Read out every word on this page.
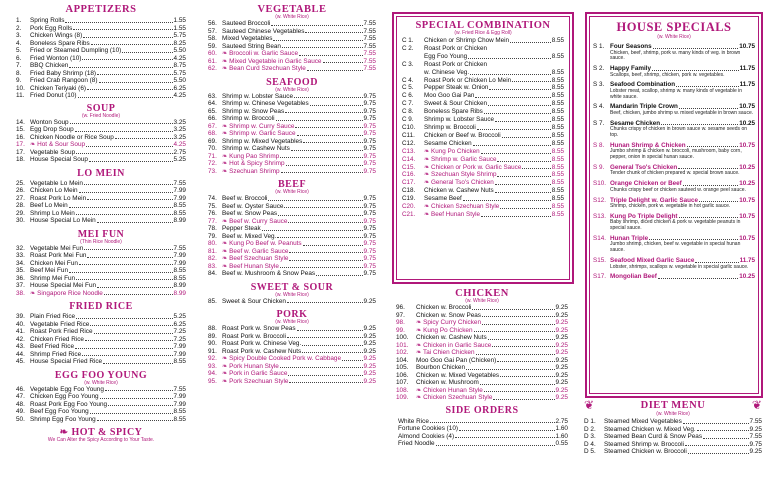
APPETIZERS
1.	Spring Rolls	1.55
2.	Pork Egg Rolls	1.55
3.	Chicken Wings (8)	5.75
4.	Boneless Spare Ribs	8.25
5.	Fried or Steamed Dumpling (10)	5.50
6.	Fried Wonton (10)	4.25
7.	BBQ Chicken	8.75
8.	Fried Baby Shrimp (18)	5.75
9.	Fried Crab Rangoon (8)	5.50
10. Chicken Teriyaki (6)	6.25
11. Fried Donut (10)	4.25
SOUP
(w. Fried Noodle)
14. Wonton Soup	3.25
15. Egg Drop Soup	3.25
16. Chicken Noodle or Rice Soup	3.25
17. ❧ Hot & Sour Soup	4.25
17. Vegetable Soup	2.75
18. House Special Soup	5.25
LO MEIN
25. Vegetable Lo Mein	7.55
26. Chicken Lo Mein	7.99
27. Roast Pork Lo Mein	7.99
28. Beef Lo Mein	8.55
29. Shrimp Lo Mein	8.55
30. House Special Lo Mein	8.99
MEI FUN
(Thin Rice Noodle)
32. Vegetable Mei Fun	7.55
33. Roast Pork Mei Fun	7.99
34. Chicken Mei Fun	7.99
35. Beef Mei Fun	8.55
36. Shrimp Mei Fun	8.55
37. House Special Mei Fun	8.99
38. ❧ Singapore Rice Noodle	8.99
FRIED RICE
39. Plain Fried Rice	5.25
40. Vegetable Fried Rice	6.25
41. Roast Pork Fried Rice	7.25
42. Chicken Fried Rice	7.25
43. Beef Fried Rice	7.99
44. Shrimp Fried Rice	7.99
45. House Special Fried Rice	8.55
EGG FOO YOUNG
(w. White Rice)
46. Vegetable Egg Foo Young	7.55
47. Chicken Egg Foo Young	7.99
48. Roast Pork Egg Foo Young	7.99
49. Beef Egg Foo Young	8.55
50. Shrimp Egg Foo Young	8.55
❧ HOT & SPICY
We Can Alter the Spicy According to Your Taste.
VEGETABLE
(w. White Rice)
56. Sauteed Broccoli	7.55
57. Sauteed Chinese Vegetables	7.55
58. Mixed Vegetables	7.55
59. Sauteed String Bean	7.55
60. ❧ Broccoli w. Garlic Sauce	7.55
61. ❧ Mixed Vegetable in Garlic Sauce	7.55
62. ❧ Bean Curd Szechuan Style	7.55
SEAFOOD
(w. White Rice)
63. Shrimp w. Lobster Sauce	9.75
64. Shrimp w. Chinese Vegetables	9.75
65. Shrimp w. Snow Peas	9.75
66. Shrimp w. Broccoli	9.75
67. ❧ Shrimp w. Curry Sauce	9.75
68. ❧ Shrimp w. Garlic Sauce	9.75
69. Shrimp w. Mixed Vegetables	9.75
70. Shrimp w. Cashew Nuts	9.75
71. ❧ Kung Pao Shrimp	9.75
72. ❧ Hot & Spicy Shrimp	9.75
73. ❧ Szechuan Shrimp	9.75
BEEF
(w. White Rice)
74. Beef w. Broccoli	9.75
75. Beef w. Oyster Sauce	9.75
76. Beef w. Snow Peas	9.75
77. ❧ Beef w. Curry Sauce	9.75
78. Pepper Steak	9.75
79. Beef w. Mixed Veg.	9.75
80. ❧ Kung Po Beef w. Peanuts	9.75
81. ❧ Beef w. Garlic Sauce	9.75
82. ❧ Beef Szechuan Style	9.75
83. ❧ Beef Hunan Style	9.75
84. Beef w. Mushroom & Snow Peas	9.75
SWEET & SOUR
(w. White Rice)
85. Sweet & Sour Chicken	9.25
PORK
(w. White Rice)
88. Roast Pork w. Snow Peas	9.25
89. Roast Pork w. Broccoli	9.25
90. Roast Pork w. Chinese Veg.	9.25
91. Roast Pork w. Cashew Nuts	9.25
92. ❧ Spicy Double Cooked Pork w. Cabbage	9.25
93. ❧ Pork Hunan Style	9.25
94. ❧ Pork in Garlic Sauce	9.25
95. ❧ Pork Szechuan Style	9.25
SPECIAL COMBINATION
(w. Fried Rice & Egg Roll)
C 1.	Chicken or Shrimp Chow Mein	8.55
C 2.	Roast Pork or Chicken
Egg Foo Young	8.55
C 3.	Roast Pork or Chicken
w. Chinese Veg.	8.55
C 4.	Roast Pork or Chicken Lo Mein	8.55
C 5.	Pepper Steak w. Onion	8.55
C 6.	Moo Goo Gai Pan	8.55
C 7.	Sweet & Sour Chicken	8.55
C 8.	Boneless Spare Ribs	8.55
C 9.	Shrimp w. Lobster Sauce	8.55
C10.	Shrimp w. Broccoli	8.55
C11.	Chicken or Beef w. Broccoli	8.55
C12.	Sesame Chicken	8.55
C13.	❧ Kung Po Chicken	8.55
C14.	❧ Shrimp w. Garlic Sauce	8.55
C15.	❧ Chicken or Pork w. Garlic Sauce	8.55
C16.	❧ Szechuan Style Shrimp	8.55
C17.	❧ General Tso's Chicken	8.55
C18.	Chicken w. Cashew Nuts	8.55
C19.	Sesame Beef	8.55
C20.	❧ Chicken Szechuan Style	8.55
C21.	❧ Beef Hunan Style	8.55
CHICKEN
(w. White Rice)
96.	Chicken w. Broccoli	9.25
97.	Chicken w. Snow Peas	9.25
98.	❧ Spicy Curry Chicken	9.25
99.	❧ Kung Po Chicken	9.25
100.	Chicken w. Cashew Nuts	9.25
101.	❧ Chicken in Garlic Sauce	9.25
102.	❧ Tai Chien Chicken	9.25
104.	Moo Goo Gai Pan (Chicken)	9.25
105.	Bourbon Chicken	9.25
106.	Chicken w. Mixed Vegetables	9.25
107.	Chicken w. Mushroom	9.25
108.	❧ Chicken Hunan Style	9.25
109.	❧ Chicken Szechuan Style	9.25
SIDE ORDERS
White Rice	2.75
Fortune Cookies (10)	1.60
Almond Cookies (4)	1.60
Fried Noodle	0.55
HOUSE SPECIALS
(w. White Rice)
S 1. Four Seasons	10.75
Chicken, beef, shrimp, pork w. many kinds of veg. in brown sauce.
S 2. Happy Family	11.75
Scallops, beef, shrimp, chicken, pork w. vegetables.
S 3. Seafood Combination	11.75
Lobster meat, scallop, shrimp w. many kinds of vegetable in white sauce.
S 4. Mandarin Triple Crown	10.75
Beef, chicken, jumbo shrimp w. mixed vegetable in brown sauce.
S 7. Sesame Chicken	10.25
Chunks crispy of chicken in brown sauce w. sesame seeds on top.
S 8. Hunan Shrimp & Chicken	10.75
Jumbo shrimp & chicken w. broccoli, mushroom, baby corn, pepper, onion in special hunan sauce.
S 9. General Tso's Chicken	10.25
Tender chunk of chicken prepared w. special brown sauce.
S10. Orange Chicken or Beef	10.25
Chunks crispy beef or chicken sauteed w. orange peel sauce.
S12. Triple Delight w. Garlic Sauce	10.75
Shrimp, chicken, pork w. vegetable in hot garlic sauce.
S13. Kung Po Triple Delight	10.75
Baby shrimp, diced chicken & pork w. vegetable peanuts in special sauce.
S14. Hunan Triple	10.75
Jumbo shrimp, chicken, beef w. vegetable in special hunan sauce.
S15. Seafood Mixed Garlic Sauce	11.75
Lobster, shrimps, scallops w. vegetable in special garlic sauce.
S17. Mongolian Beef	10.25
❦	DIET MENU	❦
(w. White Rice)
D 1.	Steamed Mixed Vegetables	7.55
D 2.	Steamed Chicken w. Mixed Veg.	9.25
D 3.	Steamed Bean Curd & Snow Peas	7.55
D 4.	Steamed Shrimp w. Broccoli	9.75
D 5.	Steamed Chicken w. Broccoli	9.25
